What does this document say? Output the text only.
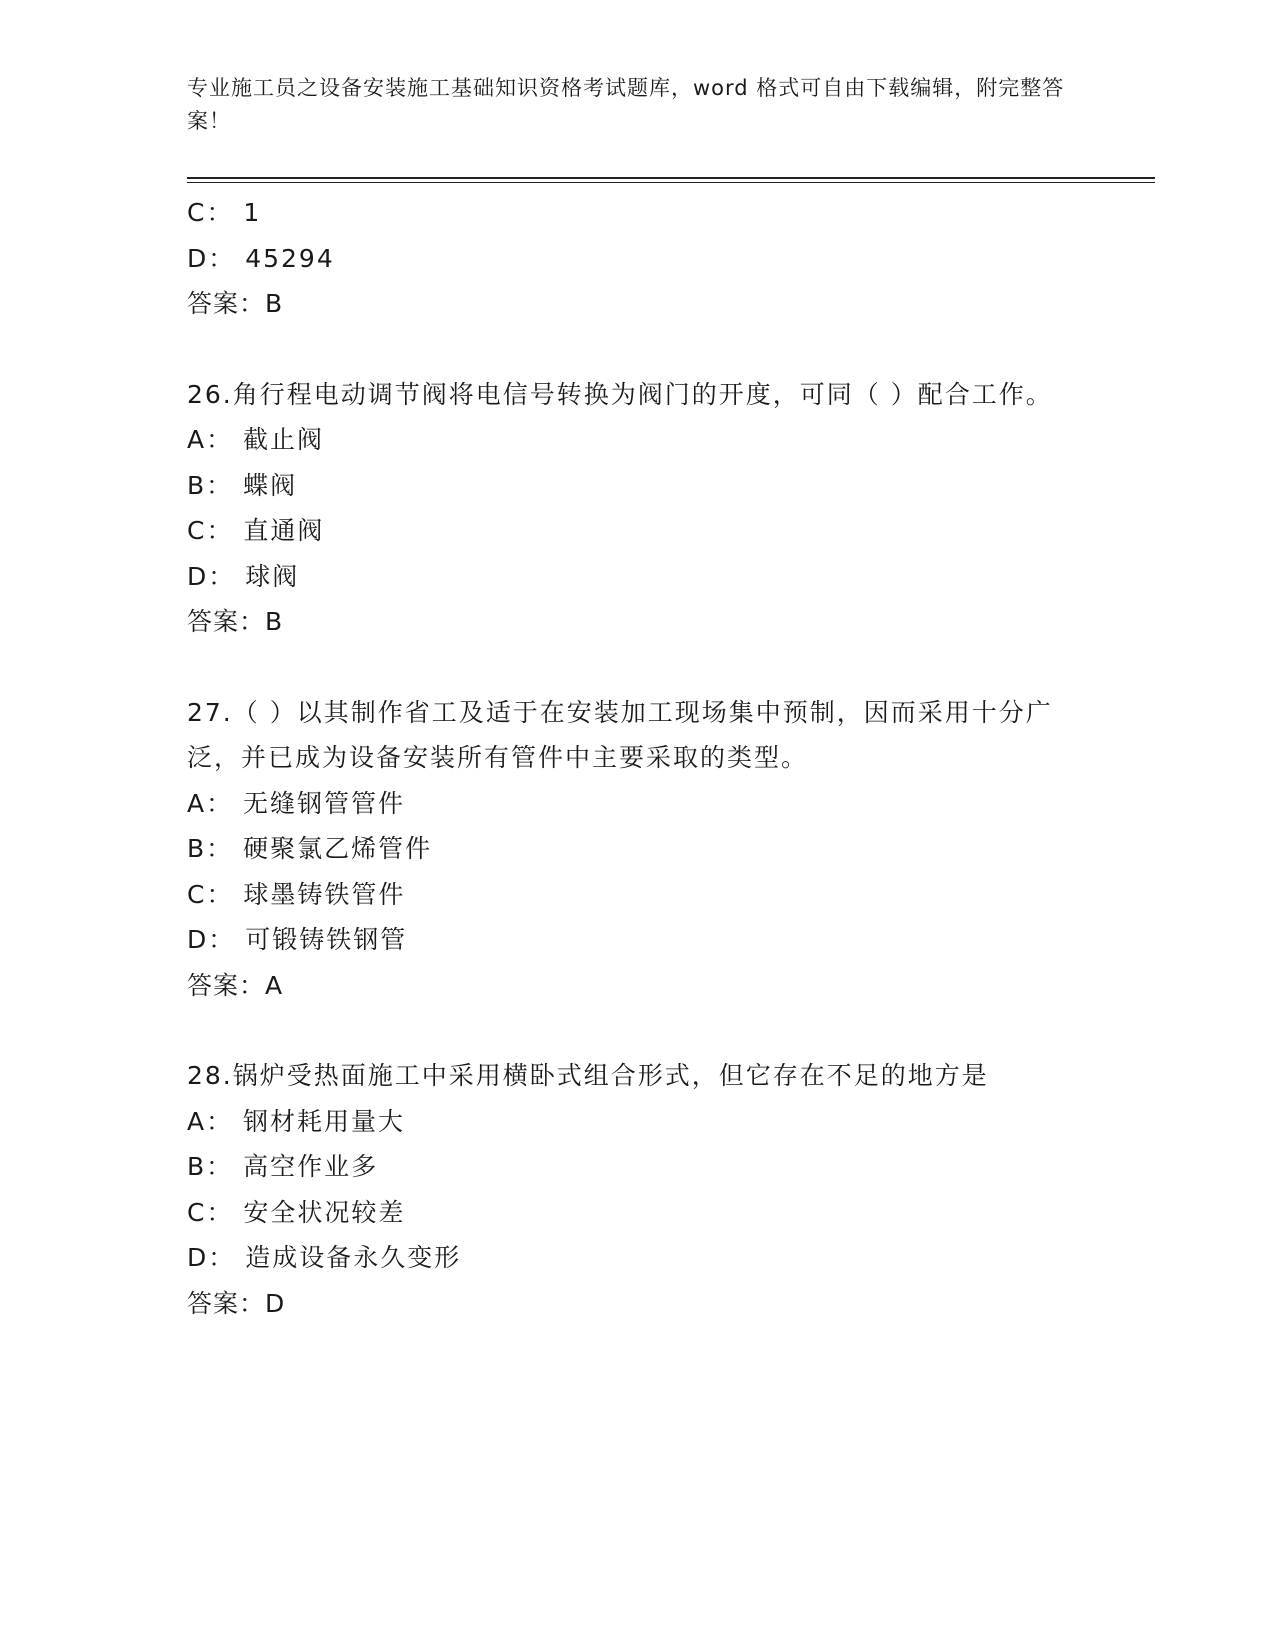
专业施工员之设备安装施工基础知识资格考试题库，word 格式可自由下载编辑，附完整答案！
C： 1
D： 45294
答案：B
26.角行程电动调节阀将电信号转换为阀门的开度，可同（ ）配合工作。
A： 截止阀
B： 蝶阀
C： 直通阀
D： 球阀
答案：B
27.（ ）以其制作省工及适于在安装加工现场集中预制，因而采用十分广泛，并已成为设备安装所有管件中主要采取的类型。
A： 无缝钢管管件
B： 硬聚氯乙烯管件
C： 球墨铸铁管件
D： 可锻铸铁钢管
答案：A
28.锅炉受热面施工中采用横卧式组合形式，但它存在不足的地方是
A： 钢材耗用量大
B： 高空作业多
C： 安全状况较差
D： 造成设备永久变形
答案：D
